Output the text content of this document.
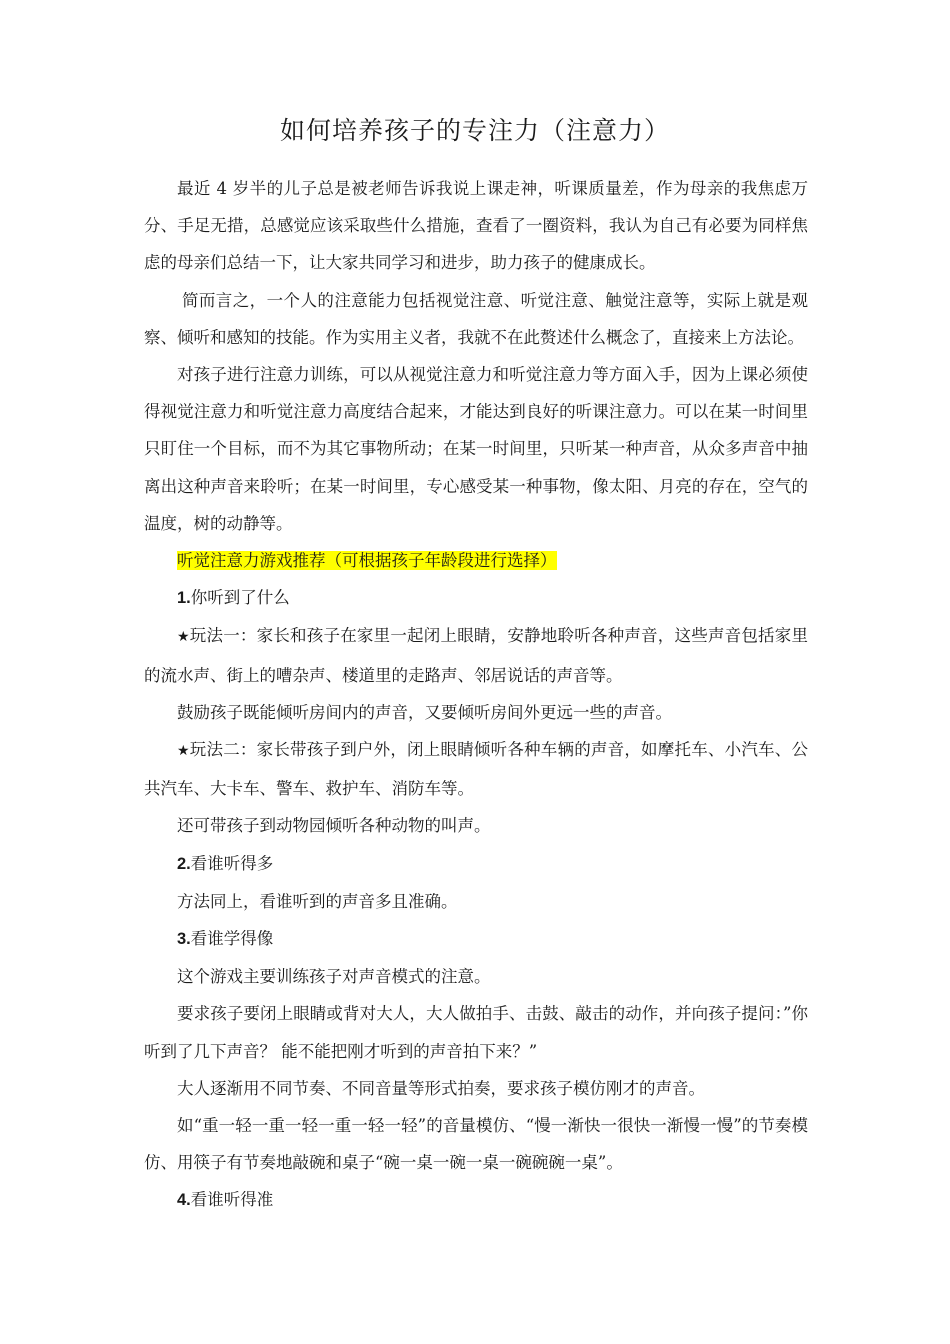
如何培养孩子的专注力（注意力）

最近 4 岁半的儿子总是被老师告诉我说上课走神，听课质量差，作为母亲的我焦虑万分、手足无措，总感觉应该采取些什么措施，查看了一圈资料，我认为自己有必要为同样焦虑的母亲们总结一下，让大家共同学习和进步，助力孩子的健康成长。

简而言之，一个人的注意能力包括视觉注意、听觉注意、触觉注意等，实际上就是观察、倾听和感知的技能。作为实用主义者，我就不在此赘述什么概念了，直接来上方法论。

对孩子进行注意力训练，可以从视觉注意力和听觉注意力等方面入手，因为上课必须使得视觉注意力和听觉注意力高度结合起来，才能达到良好的听课注意力。可以在某一时间里只盯住一个目标，而不为其它事物所动；在某一时间里，只听某一种声音，从众多声音中抽离出这种声音来聆听；在某一时间里，专心感受某一种事物，像太阳、月亮的存在，空气的温度，树的动静等。

听觉注意力游戏推荐（可根据孩子年龄段进行选择）

1.你听到了什么

★玩法一：家长和孩子在家里一起闭上眼睛，安静地聆听各种声音，这些声音包括家里的流水声、街上的嘈杂声、楼道里的走路声、邻居说话的声音等。

鼓励孩子既能倾听房间内的声音，又要倾听房间外更远一些的声音。

★玩法二：家长带孩子到户外，闭上眼睛倾听各种车辆的声音，如摩托车、小汽车、公共汽车、大卡车、警车、救护车、消防车等。

还可带孩子到动物园倾听各种动物的叫声。

2.看谁听得多

方法同上，看谁听到的声音多且准确。

3.看谁学得像

这个游戏主要训练孩子对声音模式的注意。

要求孩子要闭上眼睛或背对大人，大人做拍手、击鼓、敲击的动作，并向孩子提问：”你听到了几下声音？ 能不能把刚才听到的声音拍下来？”

大人逐渐用不同节奏、不同音量等形式拍奏，要求孩子模仿刚才的声音。

如“重一轻一重一轻一重一轻一轻”的音量模仿、“慢一渐快一很快一渐慢一慢”的节奏模仿、用筷子有节奏地敲碗和桌子“碗一桌一碗一桌一碗碗碗一桌”。

4.看谁听得准
